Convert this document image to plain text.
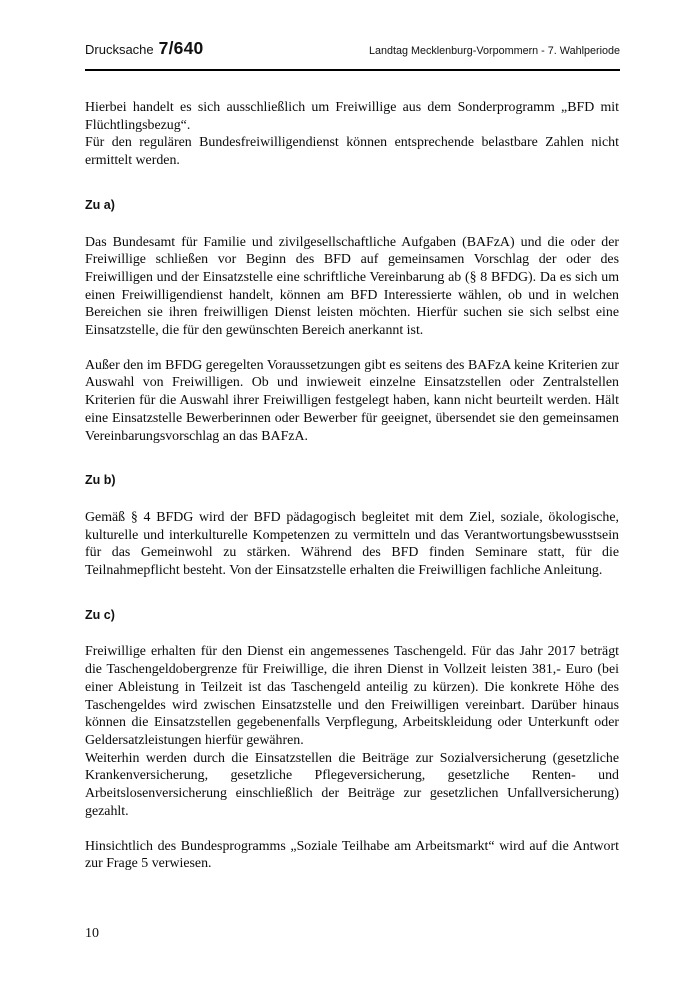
Drucksache 7/640	Landtag Mecklenburg-Vorpommern - 7. Wahlperiode

Hierbei handelt es sich ausschließlich um Freiwillige aus dem Sonderprogramm „BFD mit Flüchtlingsbezug“.
Für den regulären Bundesfreiwilligendienst können entsprechende belastbare Zahlen nicht ermittelt werden.

Zu a)

Das Bundesamt für Familie und zivilgesellschaftliche Aufgaben (BAFzA) und die oder der Freiwillige schließen vor Beginn des BFD auf gemeinsamen Vorschlag der oder des Freiwilligen und der Einsatzstelle eine schriftliche Vereinbarung ab (§ 8 BFDG). Da es sich um einen Freiwilligendienst handelt, können am BFD Interessierte wählen, ob und in welchen Bereichen sie ihren freiwilligen Dienst leisten möchten. Hierfür suchen sie sich selbst eine Einsatzstelle, die für den gewünschten Bereich anerkannt ist.

Außer den im BFDG geregelten Voraussetzungen gibt es seitens des BAFzA keine Kriterien zur Auswahl von Freiwilligen. Ob und inwieweit einzelne Einsatzstellen oder Zentralstellen Kriterien für die Auswahl ihrer Freiwilligen festgelegt haben, kann nicht beurteilt werden. Hält eine Einsatzstelle Bewerberinnen oder Bewerber für geeignet, übersendet sie den gemeinsamen Vereinbarungsvorschlag an das BAFzA.

Zu b)

Gemäß § 4 BFDG wird der BFD pädagogisch begleitet mit dem Ziel, soziale, ökologische, kulturelle und interkulturelle Kompetenzen zu vermitteln und das Verantwortungsbewusstsein für das Gemeinwohl zu stärken. Während des BFD finden Seminare statt, für die Teilnahmepflicht besteht. Von der Einsatzstelle erhalten die Freiwilligen fachliche Anleitung.

Zu c)

Freiwillige erhalten für den Dienst ein angemessenes Taschengeld. Für das Jahr 2017 beträgt die Taschengeldobergrenze für Freiwillige, die ihren Dienst in Vollzeit leisten 381,- Euro (bei einer Ableistung in Teilzeit ist das Taschengeld anteilig zu kürzen). Die konkrete Höhe des Taschengeldes wird zwischen Einsatzstelle und den Freiwilligen vereinbart. Darüber hinaus können die Einsatzstellen gegebenenfalls Verpflegung, Arbeitskleidung oder Unterkunft oder Geldersatzleistungen hierfür gewähren.
Weiterhin werden durch die Einsatzstellen die Beiträge zur Sozialversicherung (gesetzliche Krankenversicherung, gesetzliche Pflegeversicherung, gesetzliche Renten- und Arbeitslosenversicherung einschließlich der Beiträge zur gesetzlichen Unfallversicherung) gezahlt.

Hinsichtlich des Bundesprogramms „Soziale Teilhabe am Arbeitsmarkt“ wird auf die Antwort zur Frage 5 verwiesen.

10
